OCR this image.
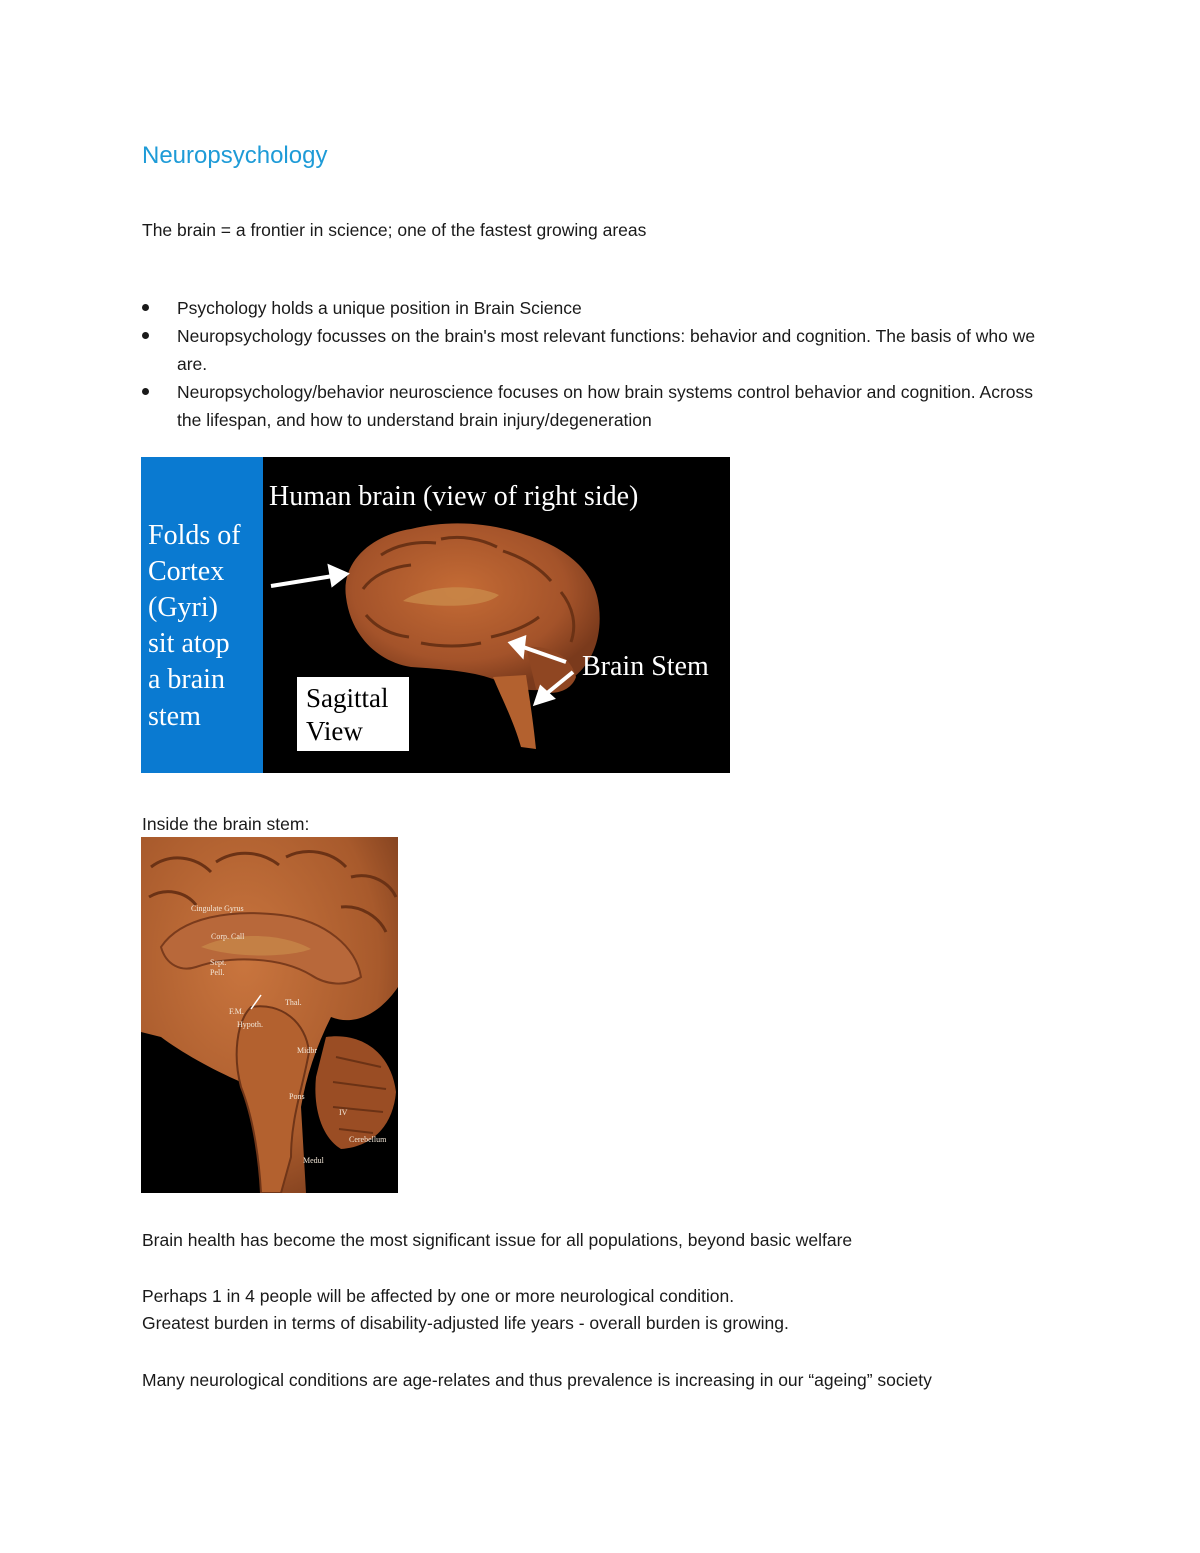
Neuropsychology

The brain = a frontier in science; one of the fastest growing areas

Psychology holds a unique position in Brain Science
Neuropsychology focusses on the brain's most relevant functions: behavior and cognition. The basis of who we are.
Neuropsychology/behavior neuroscience focuses on how brain systems control behavior and cognition. Across the lifespan, and how to understand brain injury/degeneration
Human brain (view of right side)
Folds of
Cortex
(Gyri)
sit atop
a brain
stem
Brain Stem
Sagittal
View

Inside the brain stem:

Cingulate Gyrus
Corp. Call
Sept.
Pell.
Thal.
F.M.
Hypoth.
Midbr
Pons
IV
Cerebellum
Medul

Brain health has become the most significant issue for all populations, beyond basic welfare

Perhaps 1 in 4 people will be affected by one or more neurological condition.

Greatest burden in terms of disability-adjusted life years - overall burden is growing.

Many neurological conditions are age-relates and thus prevalence is increasing in our “ageing” society
